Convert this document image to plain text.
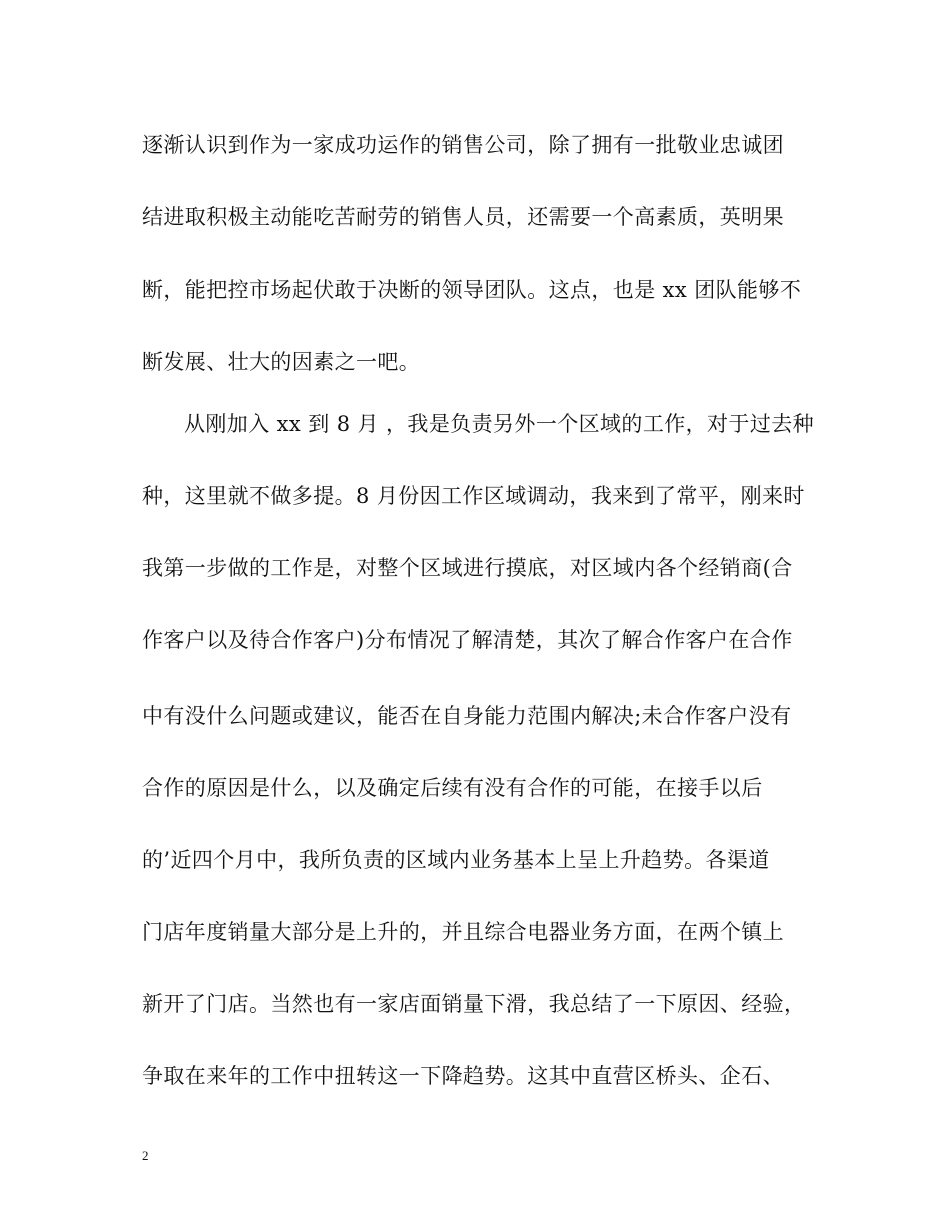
逐渐认识到作为一家成功运作的销售公司，除了拥有一批敬业忠诚团
结进取积极主动能吃苦耐劳的销售人员，还需要一个高素质，英明果
断，能把控市场起伏敢于决断的领导团队。这点，也是 xx 团队能够不
断发展、壮大的因素之一吧。
从刚加入 xx 到 8 月 ，我是负责另外一个区域的工作，对于过去种
种，这里就不做多提。8 月份因工作区域调动，我来到了常平，刚来时
我第一步做的工作是，对整个区域进行摸底，对区域内各个经销商(合
作客户以及待合作客户)分布情况了解清楚，其次了解合作客户在合作
中有没什么问题或建议，能否在自身能力范围内解决;未合作客户没有
合作的原因是什么，以及确定后续有没有合作的可能，在接手以后
的’近四个月中，我所负责的区域内业务基本上呈上升趋势。各渠道
门店年度销量大部分是上升的，并且综合电器业务方面，在两个镇上
新开了门店。当然也有一家店面销量下滑，我总结了一下原因、经验，
争取在来年的工作中扭转这一下降趋势。这其中直营区桥头、企石、
2
